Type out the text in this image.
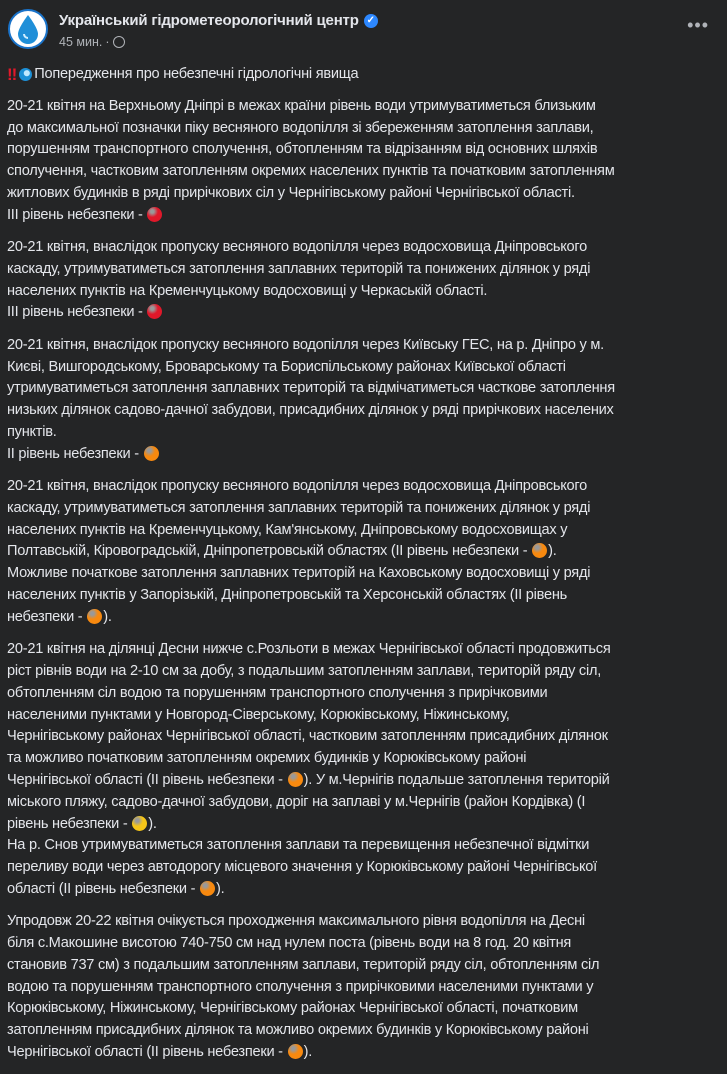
Український гідрометеорологічний центр ✓
45 мин. ·
•••
‼ Попередження про небезпечні гідрологічні явища
20-21 квітня на Верхньому Дніпрі в межах країни рівень води утримуватиметься близьким
до максимальної позначки піку весняного водопілля зі збереженням затоплення заплави,
порушенням транспортного сполучення, обтопленням та відрізанням від основних шляхів
сполучення, частковим затопленням окремих населених пунктів та початковим затопленням
житлових будинків в ряді прирічкових сіл у Чернігівському районі Чернігівської області.
ІІІ рівень небезпеки -
20-21 квітня, внаслідок пропуску весняного водопілля через водосховища Дніпровського
каскаду, утримуватиметься затоплення заплавних територій та понижених ділянок у ряді
населених пунктів на Кременчуцькому водосховищі у Черкаській області.
ІІІ рівень небезпеки -
20-21 квітня, внаслідок пропуску весняного водопілля через Київську ГЕС, на р. Дніпро у м.
Києві, Вишгородському, Броварському та Бориспільському районах Київської області
утримуватиметься затоплення заплавних територій та відмічатиметься часткове затоплення
низьких ділянок садово-дачної забудови, присадибних ділянок у ряді прирічкових населених
пунктів.
ІІ рівень небезпеки -
20-21 квітня, внаслідок пропуску весняного водопілля через водосховища Дніпровського
каскаду, утримуватиметься затоплення заплавних територій та понижених ділянок у ряді
населених пунктів на Кременчуцькому, Кам'янському, Дніпровському водосховищах у
Полтавській, Кіровоградській, Дніпропетровській областях (ІІ рівень небезпеки - ).
Можливе початкове затоплення заплавних територій на Каховському водосховищі у ряді
населених пунктів у Запорізькій, Дніпропетровській та Херсонській областях (ІІ рівень
небезпеки - ).
20-21 квітня на ділянці Десни нижче с.Розльоти в межах Чернігівської області продовжиться
ріст рівнів води на 2-10 см за добу, з подальшим затопленням заплави, територій ряду сіл,
обтопленням сіл водою та порушенням транспортного сполучення з прирічковими
населеними пунктами у Новгород-Сіверському, Корюківському, Ніжинському,
Чернігівському районах Чернігівської області, частковим затопленням присадибних ділянок
та можливо початковим затопленням окремих будинків у Корюківському районі
Чернігівської області (ІІ рівень небезпеки - ). У м.Чернігів подальше затоплення територій
міського пляжу, садово-дачної забудови, доріг на заплаві у м.Чернігів (район Кордівка) (І
рівень небезпеки - ).
На р. Снов утримуватиметься затоплення заплави та перевищення небезпечної відмітки
переливу води через автодорогу місцевого значення у Корюківському районі Чернігівської
області (ІІ рівень небезпеки - ).
Упродовж 20-22 квітня очікується проходження максимального рівня водопілля на Десні
біля с.Макошине висотою 740-750 см над нулем поста (рівень води на 8 год. 20 квітня
становив 737 см) з подальшим затопленням заплави, територій ряду сіл, обтопленням сіл
водою та порушенням транспортного сполучення з прирічковими населеними пунктами у
Корюківському, Ніжинському, Чернігівському районах Чернігівської області, початковим
затопленням присадибних ділянок та можливо окремих будинків у Корюківському районі
Чернігівської області (ІІ рівень небезпеки - ).
